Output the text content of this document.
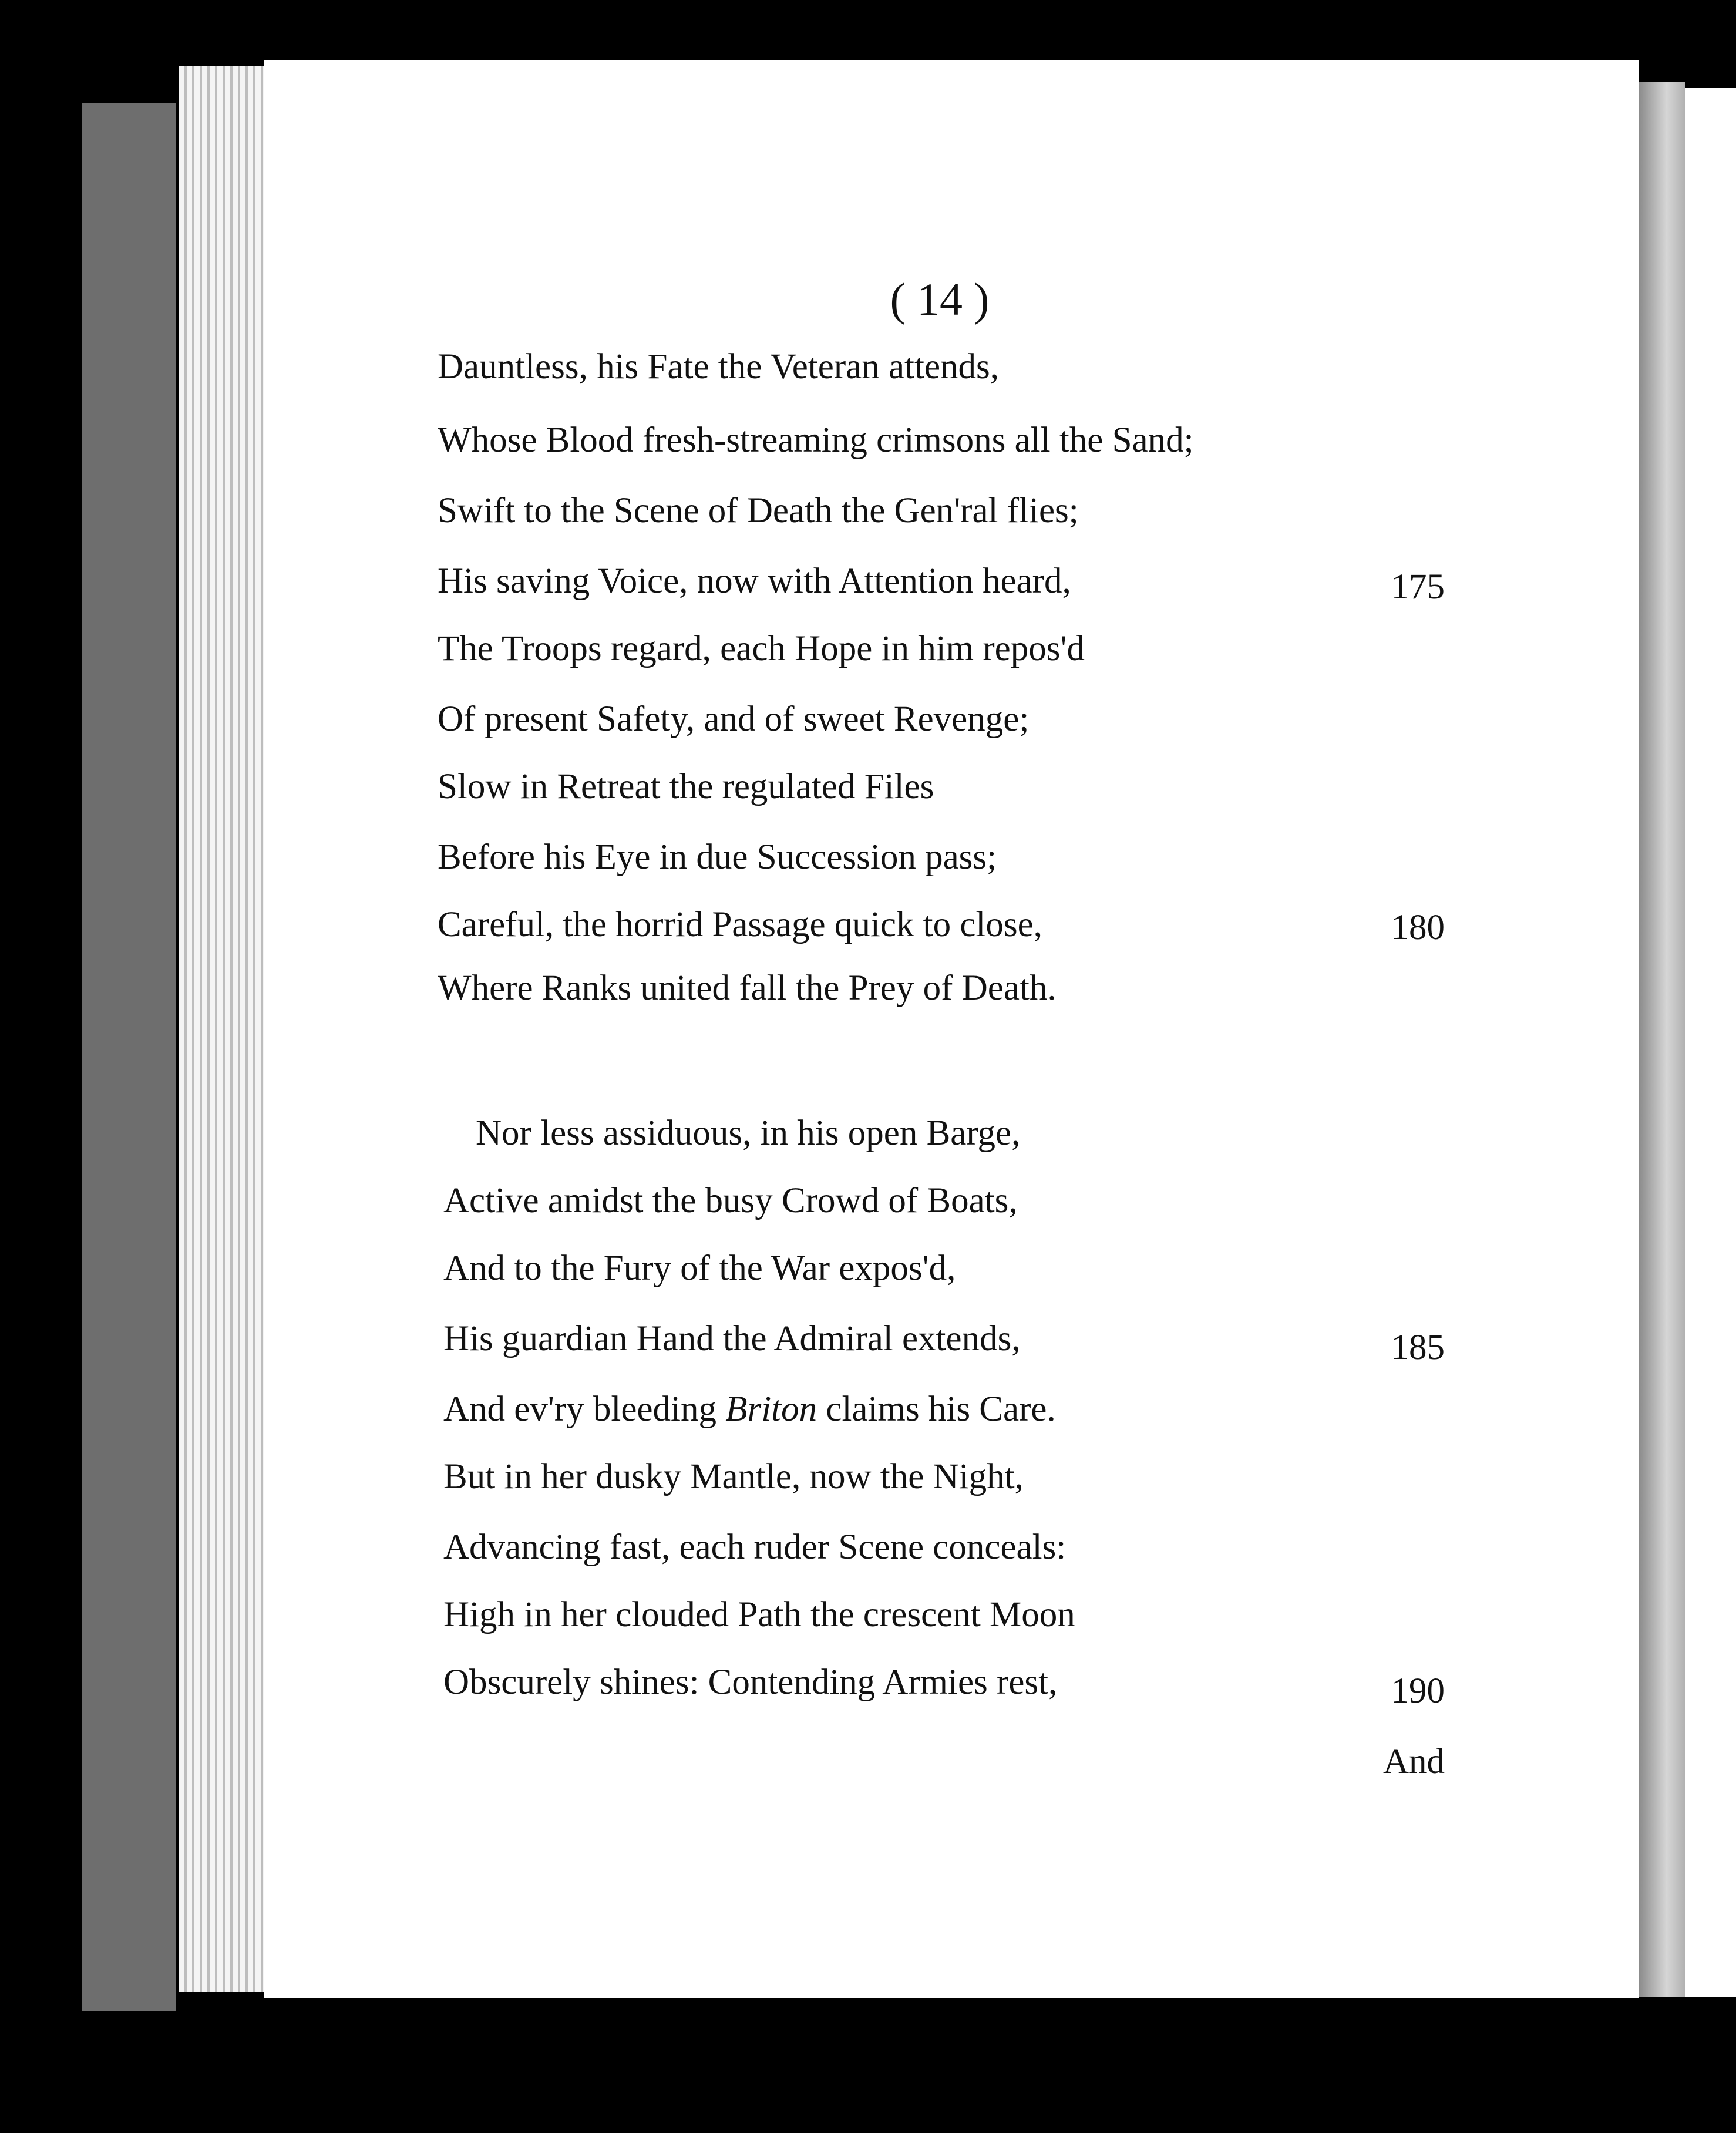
( 14 )
Dauntless, his Fate the Veteran attends,
Whose Blood fresh-streaming crimsons all the Sand;
Swift to the Scene of Death the Gen'ral flies;
His saving Voice, now with Attention heard,
The Troops regard, each Hope in him repos'd
Of present Safety, and of sweet Revenge;
Slow in Retreat the regulated Files
Before his Eye in due Succession pass;
Careful, the horrid Passage quick to close,
Where Ranks united fall the Prey of Death.
Nor less assiduous, in his open Barge,
Active amidst the busy Crowd of Boats,
And to the Fury of the War expos'd,
His guardian Hand the Admiral extends,
And ev'ry bleeding Briton claims his Care.
But in her dusky Mantle, now the Night,
Advancing fast, each ruder Scene conceals:
High in her clouded Path the crescent Moon
Obscurely shines: Contending Armies rest,
175
180
185
190
And
